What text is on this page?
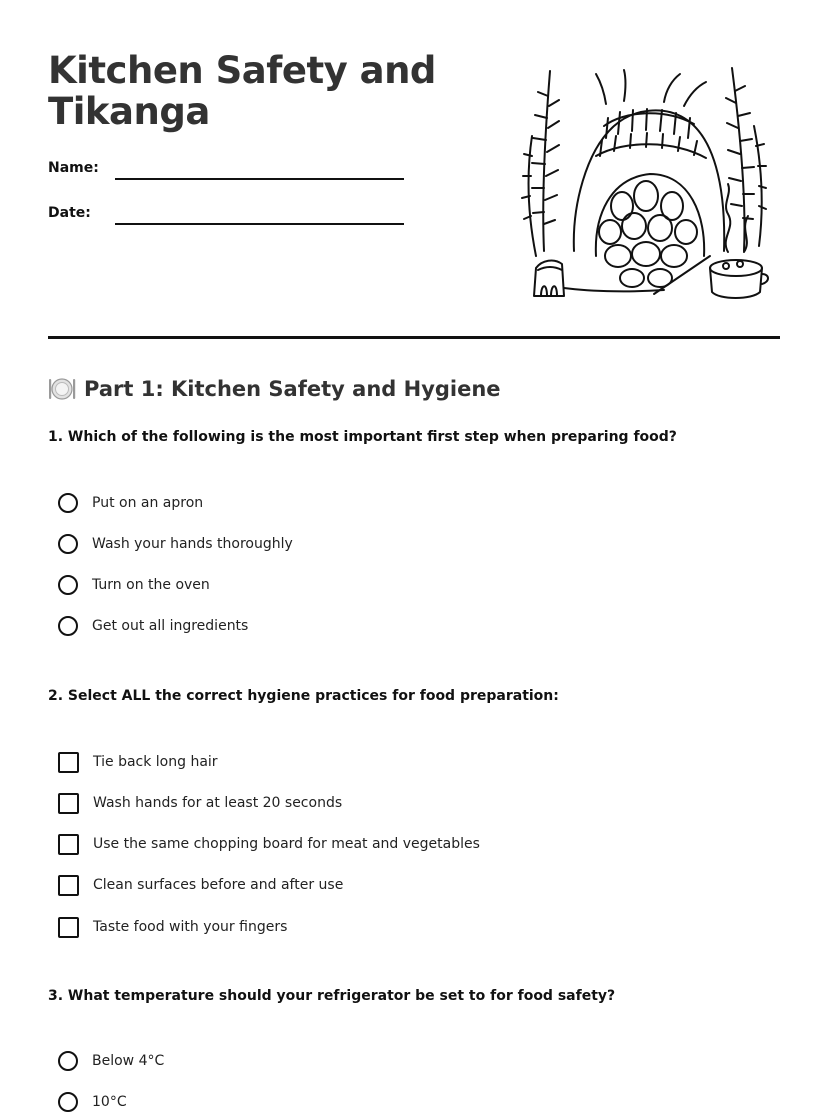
Kitchen Safety and Tikanga
Name:
Date:
Part 1: Kitchen Safety and Hygiene

1. Which of the following is the most important first step when preparing food?

Put on an apron
Wash your hands thoroughly
Turn on the oven
Get out all ingredients

2. Select ALL the correct hygiene practices for food preparation:

Tie back long hair
Wash hands for at least 20 seconds
Use the same chopping board for meat and vegetables
Clean surfaces before and after use
Taste food with your fingers

3. What temperature should your refrigerator be set to for food safety?

Below 4°C
10°C
